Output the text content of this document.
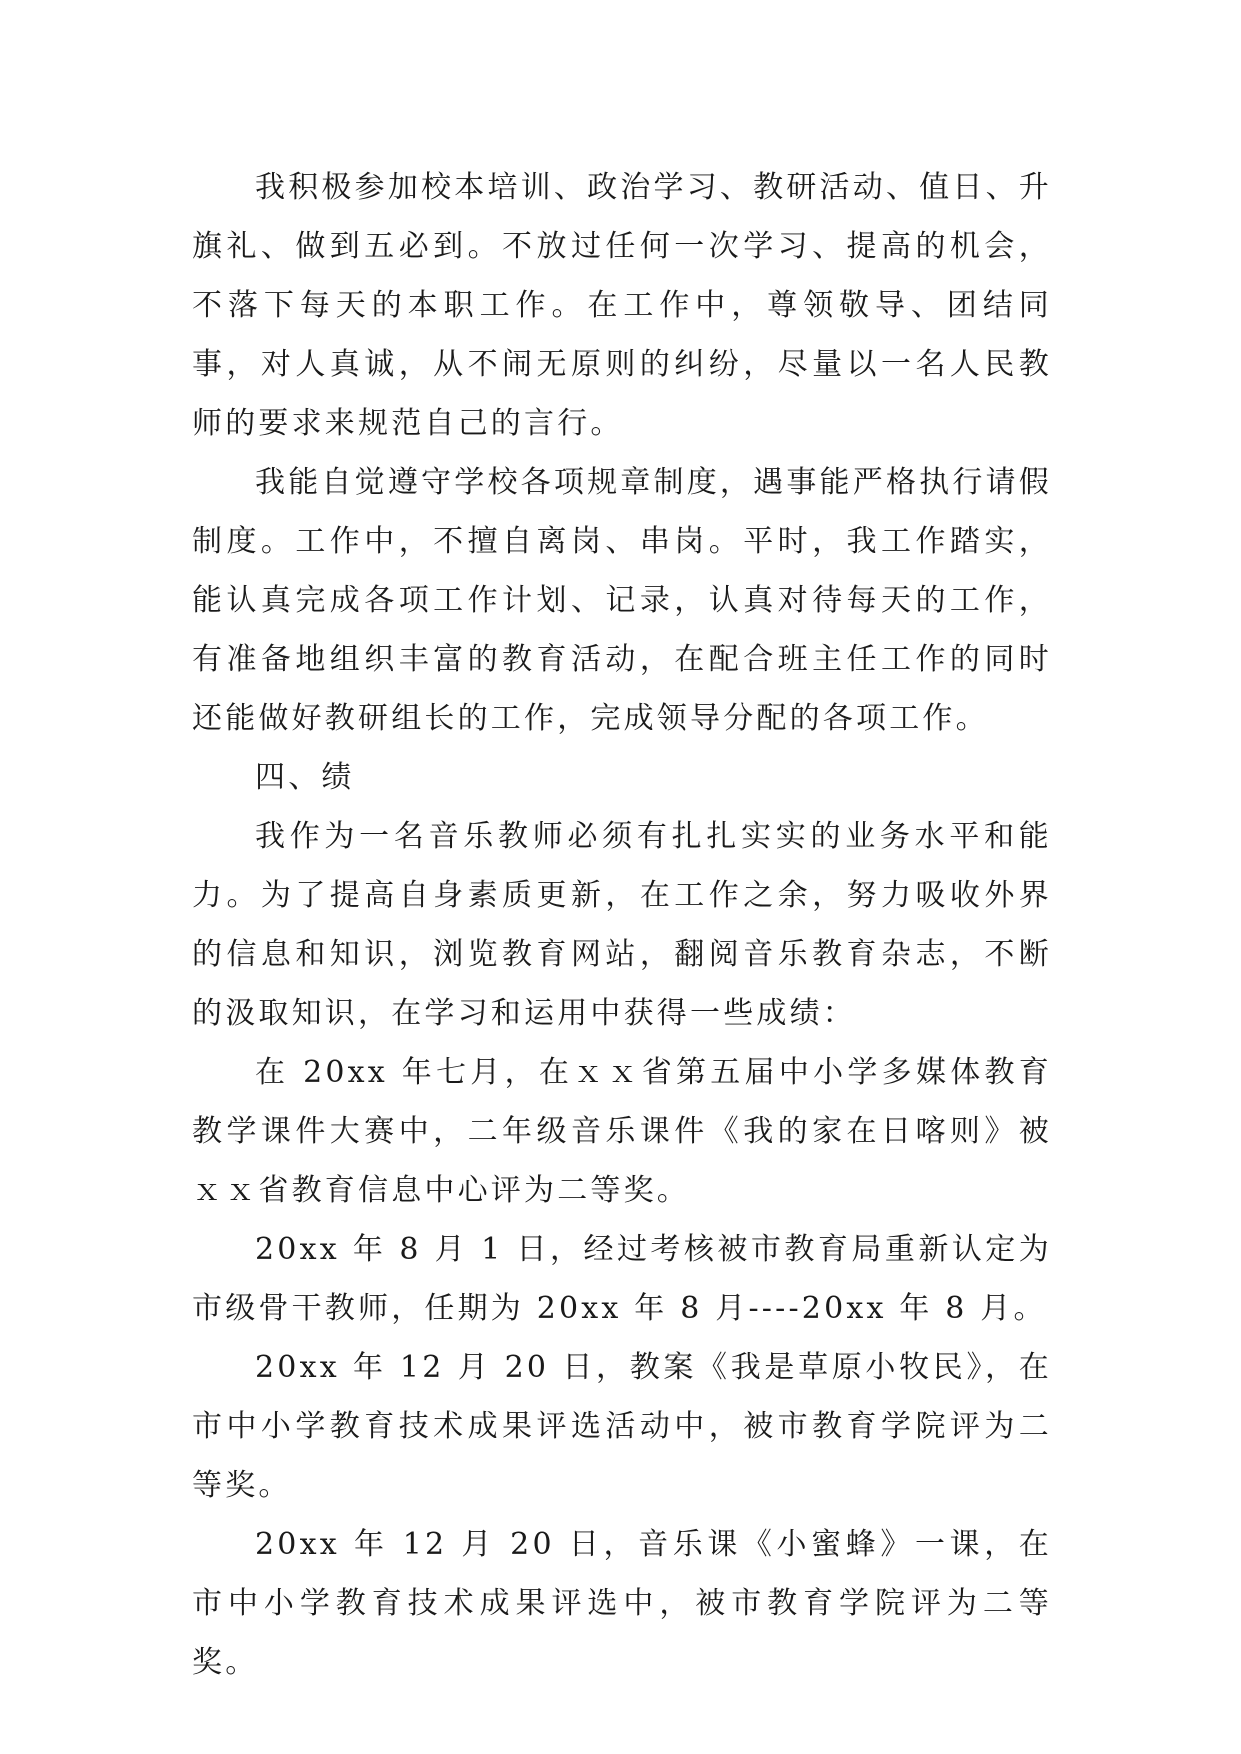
我积极参加校本培训、政治学习、教研活动、值日、升旗礼、做到五必到。不放过任何一次学习、提高的机会，不落下每天的本职工作。在工作中，尊领敬导、团结同事，对人真诚，从不闹无原则的纠纷，尽量以一名人民教师的要求来规范自己的言行。

我能自觉遵守学校各项规章制度，遇事能严格执行请假制度。工作中，不擅自离岗、串岗。平时，我工作踏实，能认真完成各项工作计划、记录，认真对待每天的工作，有准备地组织丰富的教育活动，在配合班主任工作的同时还能做好教研组长的工作，完成领导分配的各项工作。

四、绩

我作为一名音乐教师必须有扎扎实实的业务水平和能力。为了提高自身素质更新，在工作之余，努力吸收外界的信息和知识，浏览教育网站，翻阅音乐教育杂志，不断的汲取知识，在学习和运用中获得一些成绩：

在 20xx 年七月，在ｘｘ省第五届中小学多媒体教育教学课件大赛中，二年级音乐课件《我的家在日喀则》被ｘｘ省教育信息中心评为二等奖。

20xx 年 8 月 1 日，经过考核被市教育局重新认定为市级骨干教师，任期为 20xx 年 8 月----20xx 年 8 月。

20xx 年 12 月 20 日，教案《我是草原小牧民》，在市中小学教育技术成果评选活动中，被市教育学院评为二等奖。

20xx 年 12 月 20 日，音乐课《小蜜蜂》一课，在市中小学教育技术成果评选中，被市教育学院评为二等奖。
